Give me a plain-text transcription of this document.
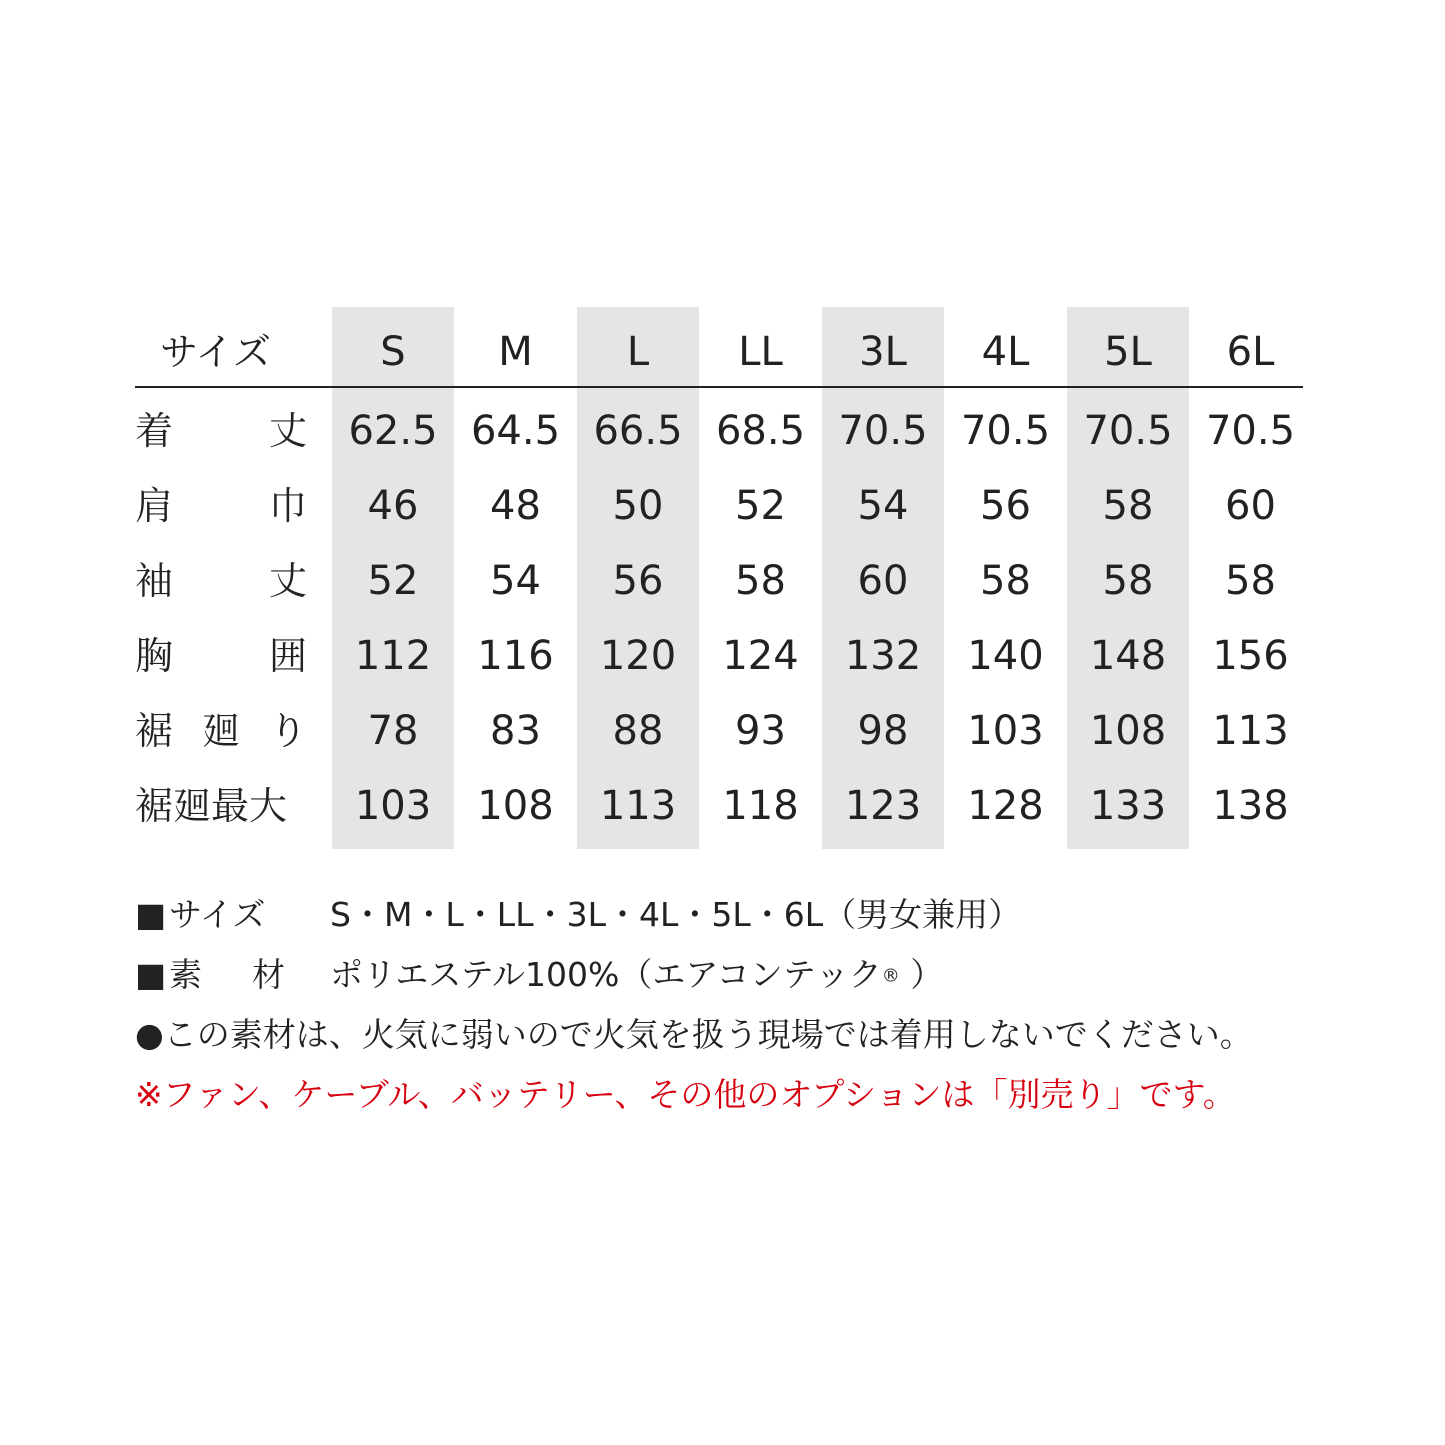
サイズ	S	M	L	LL	3L	4L	5L	6L
着	丈	62.5 64.5 66.5 68.5 70.5 70.5 70.5 70.5
肩	巾	46	48	50	52	54	56	58	60
袖	丈	52	54	56	58	60	58	58	58
胸	囲	112	116	120	124	132	140	148	156
裾 廻 り	78	83	88	93	98	103	108	113
裾廻最大	103	108	113	118	123	128	133	138
■サイズ S・M・L・LL・3L・4L・5L・6L（男女兼用）
■素 材 ポリエステル100%（エアコンテック® ）
●この素材は、火気に弱いので火気を扱う現場では着用しないでください。
※ファン、ケーブル、バッテリー、その他のオプションは「別売り」です。
